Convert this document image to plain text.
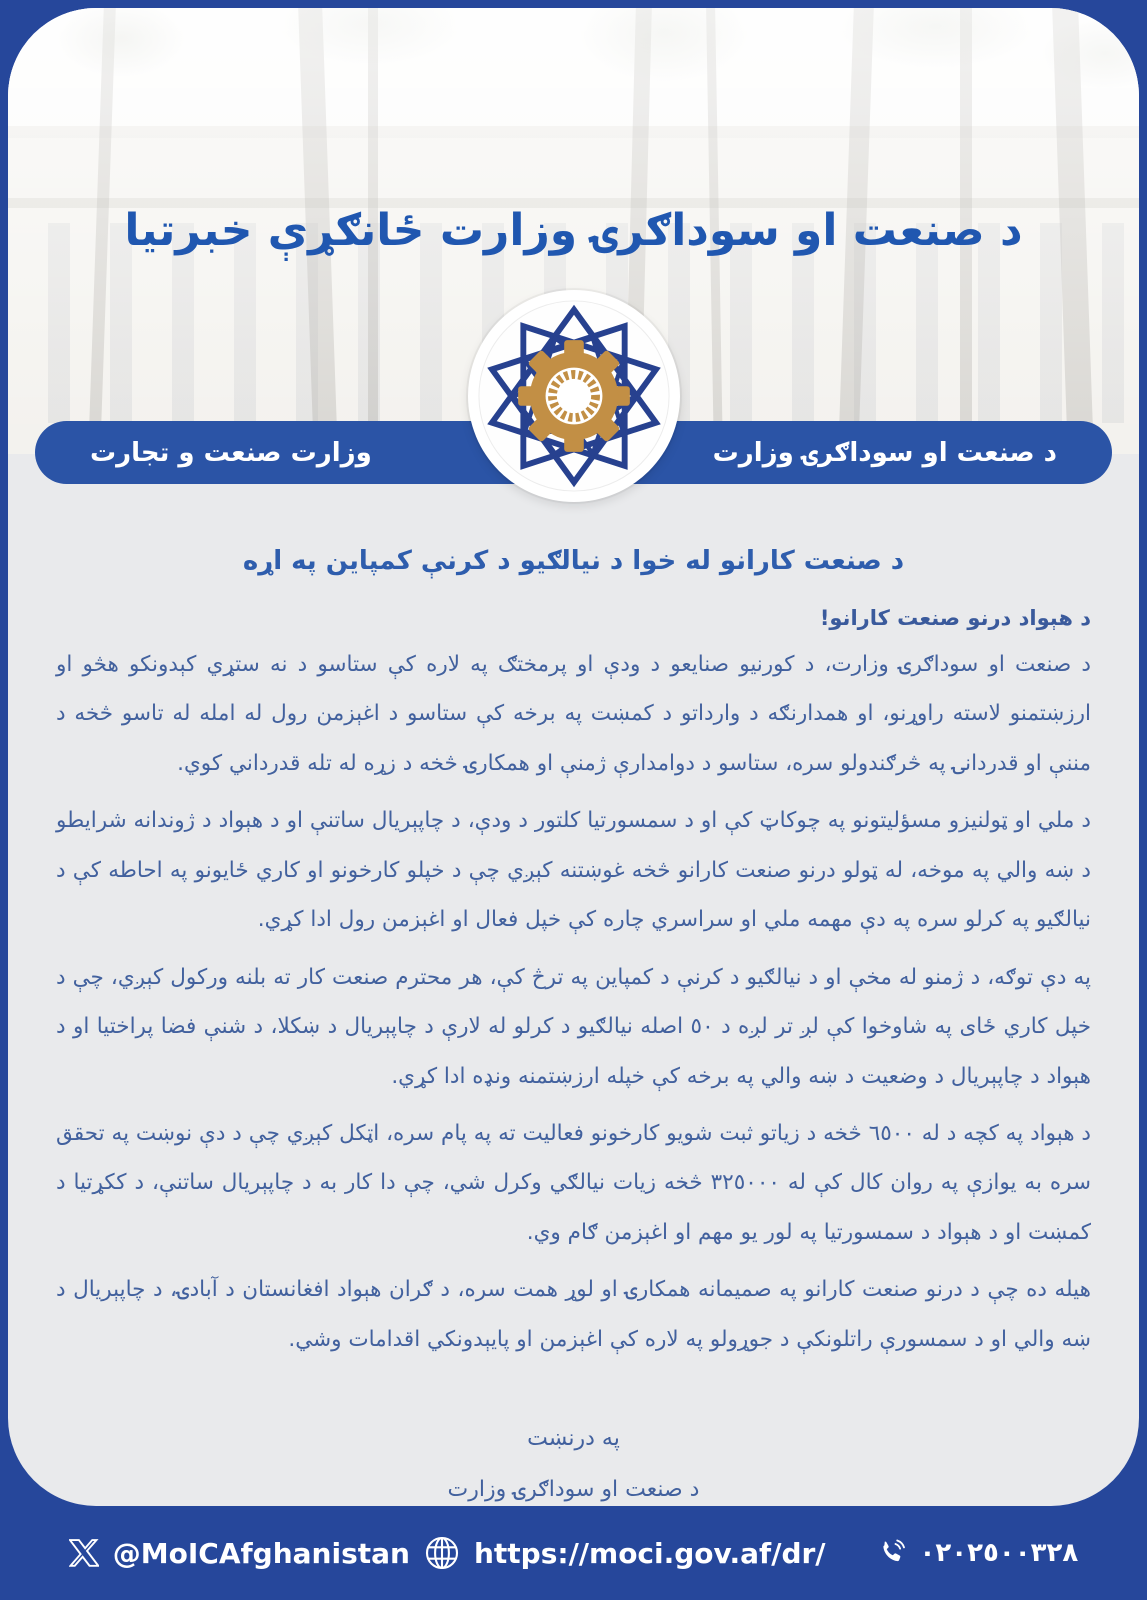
د صنعت او سوداګرۍ وزارت ځانګړې خبرتیا
د صنعت او سوداګرۍ وزارت
وزارت صنعت و تجارت
د صنعت کارانو له خوا د نیالګیو د کرنې کمپاین په اړه

د هېواد درنو صنعت کارانو!

د صنعت او سوداګرۍ وزارت، د کورنیو صنایعو د ودې او پرمختګ په لاره کې ستاسو د نه ستړي کېدونکو هڅو او ارزښتمنو لاسته راوړنو، او همدارنګه د وارداتو د کمښت په برخه کې ستاسو د اغېزمن رول له امله له تاسو څخه د مننې او قدردانۍ په څرګندولو سره، ستاسو د دوامدارې ژمنې او همکارۍ څخه د زړه له تله قدرداني کوي.

د ملي او ټولنیزو مسؤلیتونو په چوکاټ کې او د سمسورتیا کلتور د ودې، د چاپېریال ساتنې او د هېواد د ژوندانه شرایطو د ښه والي په موخه، له ټولو درنو صنعت کارانو څخه غوښتنه کېږي چې د خپلو کارخونو او کاري ځایونو په احاطه کې د نیالګیو په کرلو سره په دې مهمه ملي او سراسري چاره کې خپل فعال او اغېزمن رول ادا کړي.

په دې توګه، د ژمنو له مخې او د نیالګیو د کرنې د کمپاین په ترڅ کې، هر محترم صنعت کار ته بلنه ورکول کېږي، چې د خپل کاري ځای په شاوخوا کې لږ تر لږه د ٥٠ اصله نیالګیو د کرلو له لارې د چاپېریال د ښکلا، د شنې فضا پراختیا او د هېواد د چاپېریال د وضعیت د ښه والي په برخه کې خپله ارزښتمنه ونډه ادا کړي.

د هېواد په کچه د له ٦٥٠٠ څخه د زیاتو ثبت شویو کارخونو فعالیت ته په پام سره، اټکل کېږي چې د دې نوښت په تحقق سره به یوازې په روان کال کې له ٣٢٥٠٠٠ څخه زیات نیالګي وکرل شي، چې دا کار به د چاپېریال ساتنې، د ککړتیا د کمښت او د هېواد د سمسورتیا په لور یو مهم او اغېزمن ګام وي.

هیله ده چې د درنو صنعت کارانو په صمیمانه همکارۍ او لوړ همت سره، د ګران هېواد افغانستان د آبادۍ، د چاپېریال د ښه والي او د سمسورې راتلونکې د جوړولو په لاره کې اغېزمن او پایېدونکي اقدامات وشي.

په درنښت
د صنعت او سوداګرۍ وزارت
@MoICAfghanistan https://moci.gov.af/dr/	٠٢٠٢٥٠٠٣٢٨
